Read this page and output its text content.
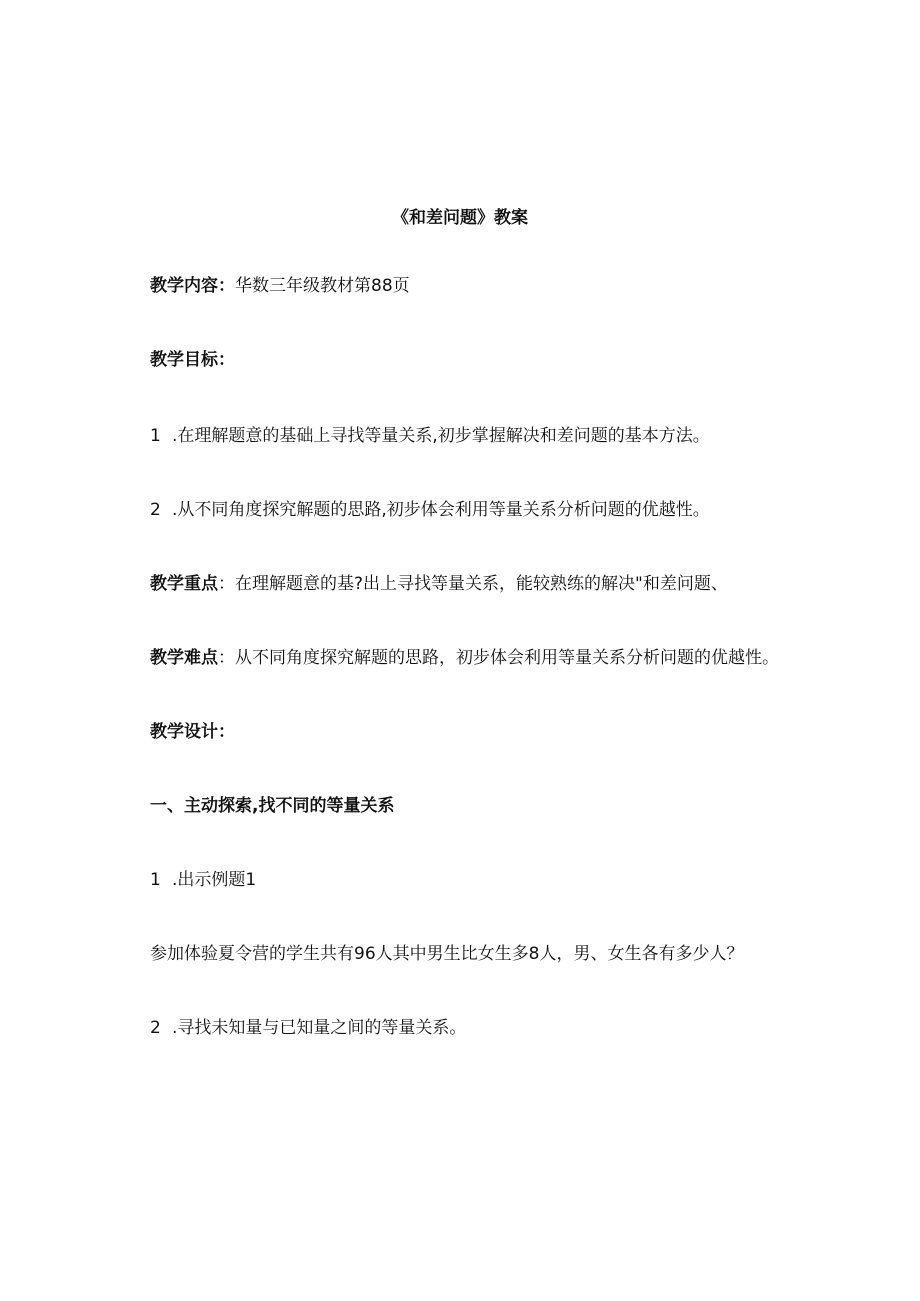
《和差问题》教案
教学内容：华数三年级教材第88页
教学目标：
1 .在理解题意的基础上寻找等量关系,初步掌握解决和差问题的基本方法。
2 .从不同角度探究解题的思路,初步体会利用等量关系分析问题的优越性。
教学重点：在理解题意的基?出上寻找等量关系，能较熟练的解决"和差问题、
教学难点：从不同角度探究解题的思路，初步体会利用等量关系分析问题的优越性。
教学设计：
一、主动探索,找不同的等量关系
1 .出示例题1
参加体验夏令营的学生共有96人其中男生比女生多8人，男、女生各有多少人？
2 .寻找未知量与已知量之间的等量关系。
